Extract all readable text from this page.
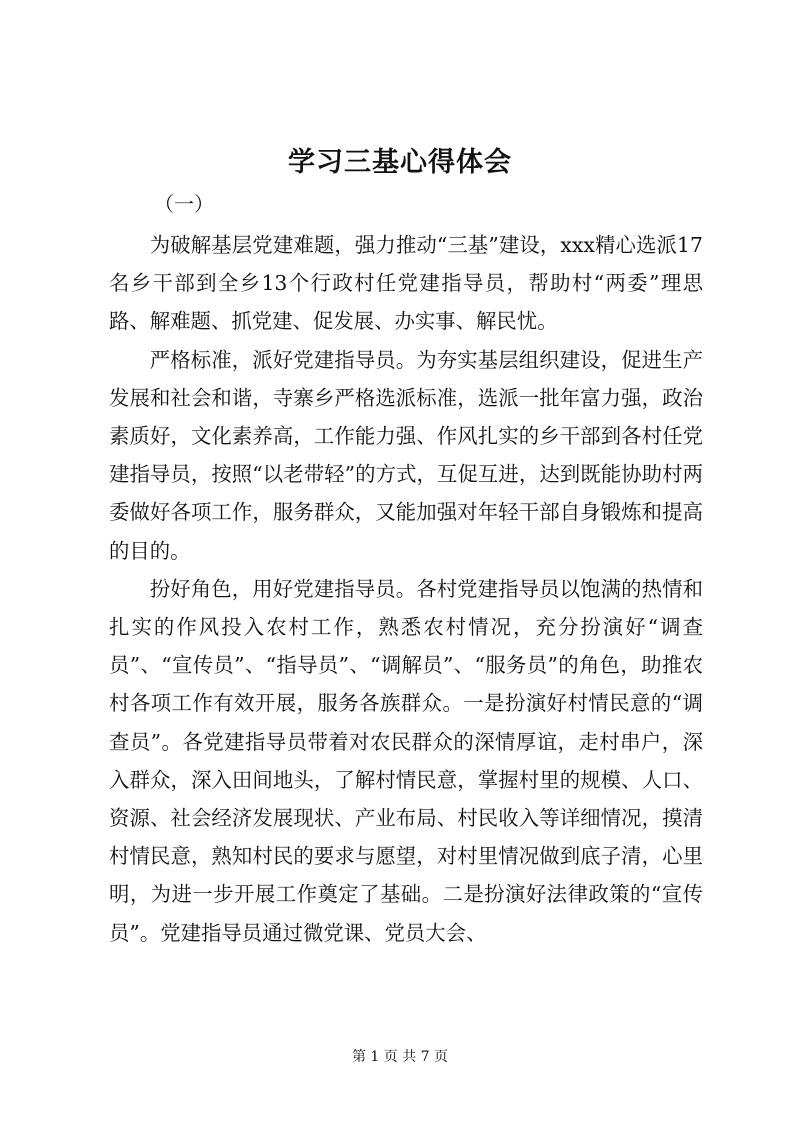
学习三基心得体会
（一）

为破解基层党建难题，强力推动“三基”建设，xxx精心选派17名乡干部到全乡13个行政村任党建指导员，帮助村“两委”理思路、解难题、抓党建、促发展、办实事、解民忧。

严格标准，派好党建指导员。为夯实基层组织建设，促进生产发展和社会和谐，寺寨乡严格选派标准，选派一批年富力强，政治素质好，文化素养高，工作能力强、作风扎实的乡干部到各村任党建指导员，按照“以老带轻”的方式，互促互进，达到既能协助村两委做好各项工作，服务群众，又能加强对年轻干部自身锻炼和提高的目的。

扮好角色，用好党建指导员。各村党建指导员以饱满的热情和扎实的作风投入农村工作，熟悉农村情况，充分扮演好“调查员”、“宣传员”、“指导员”、“调解员”、“服务员”的角色，助推农村各项工作有效开展，服务各族群众。一是扮演好村情民意的“调查员”。各党建指导员带着对农民群众的深情厚谊，走村串户，深入群众，深入田间地头，了解村情民意，掌握村里的规模、人口、资源、社会经济发展现状、产业布局、村民收入等详细情况，摸清村情民意，熟知村民的要求与愿望，对村里情况做到底子清，心里明，为进一步开展工作奠定了基础。二是扮演好法律政策的“宣传员”。党建指导员通过微党课、党员大会、

第 1 页 共 7 页
